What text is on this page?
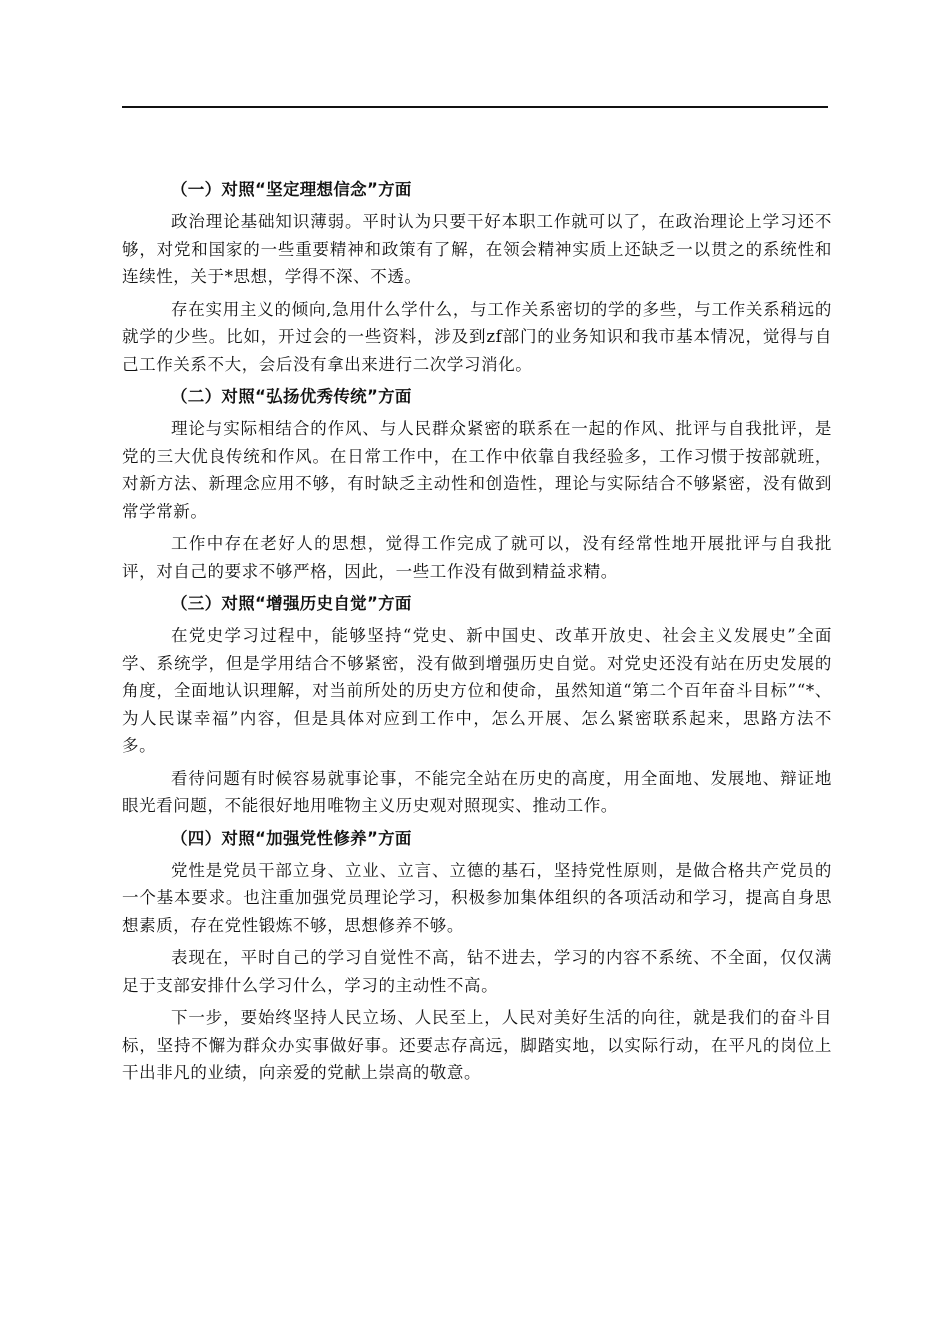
（一）对照“坚定理想信念”方面

政治理论基础知识薄弱。平时认为只要干好本职工作就可以了，在政治理论上学习还不够，对党和国家的一些重要精神和政策有了解，在领会精神实质上还缺乏一以贯之的系统性和连续性，关于*思想，学得不深、不透。

存在实用主义的倾向,急用什么学什么，与工作关系密切的学的多些，与工作关系稍远的就学的少些。比如，开过会的一些资料，涉及到zf部门的业务知识和我市基本情况，觉得与自己工作关系不大，会后没有拿出来进行二次学习消化。

（二）对照“弘扬优秀传统”方面

理论与实际相结合的作风、与人民群众紧密的联系在一起的作风、批评与自我批评，是党的三大优良传统和作风。在日常工作中，在工作中依靠自我经验多，工作习惯于按部就班，对新方法、新理念应用不够，有时缺乏主动性和创造性，理论与实际结合不够紧密，没有做到常学常新。

工作中存在老好人的思想，觉得工作完成了就可以，没有经常性地开展批评与自我批评，对自己的要求不够严格，因此，一些工作没有做到精益求精。

（三）对照“增强历史自觉”方面

在党史学习过程中，能够坚持“党史、新中国史、改革开放史、社会主义发展史”全面学、系统学，但是学用结合不够紧密，没有做到增强历史自觉。对党史还没有站在历史发展的角度，全面地认识理解，对当前所处的历史方位和使命，虽然知道“第二个百年奋斗目标”“*、为人民谋幸福”内容，但是具体对应到工作中，怎么开展、怎么紧密联系起来，思路方法不多。

看待问题有时候容易就事论事，不能完全站在历史的高度，用全面地、发展地、辩证地眼光看问题，不能很好地用唯物主义历史观对照现实、推动工作。

（四）对照“加强党性修养”方面

党性是党员干部立身、立业、立言、立德的基石，坚持党性原则，是做合格共产党员的一个基本要求。也注重加强党员理论学习，积极参加集体组织的各项活动和学习，提高自身思想素质，存在党性锻炼不够，思想修养不够。

表现在，平时自己的学习自觉性不高，钻不进去，学习的内容不系统、不全面，仅仅满足于支部安排什么学习什么，学习的主动性不高。

下一步，要始终坚持人民立场、人民至上，人民对美好生活的向往，就是我们的奋斗目标，坚持不懈为群众办实事做好事。还要志存高远，脚踏实地，以实际行动，在平凡的岗位上干出非凡的业绩，向亲爱的党献上崇高的敬意。
